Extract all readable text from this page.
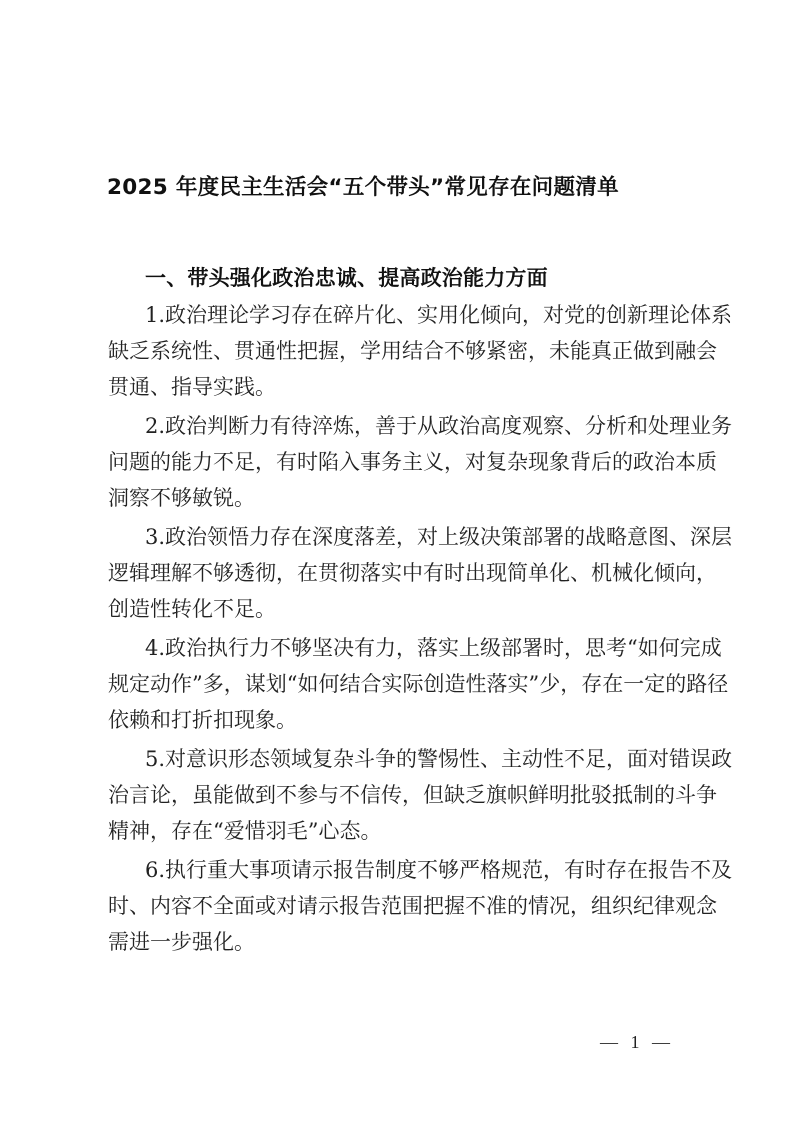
2025 年度民主生活会“五个带头”常见存在问题清单
一、带头强化政治忠诚、提高政治能力方面
1.政治理论学习存在碎片化、实用化倾向，对党的创新理论体系
缺乏系统性、贯通性把握，学用结合不够紧密，未能真正做到融会
贯通、指导实践。
2.政治判断力有待淬炼，善于从政治高度观察、分析和处理业务
问题的能力不足，有时陷入事务主义，对复杂现象背后的政治本质
洞察不够敏锐。
3.政治领悟力存在深度落差，对上级决策部署的战略意图、深层
逻辑理解不够透彻，在贯彻落实中有时出现简单化、机械化倾向，
创造性转化不足。
4.政治执行力不够坚决有力，落实上级部署时，思考“如何完成
规定动作”多，谋划“如何结合实际创造性落实”少，存在一定的路径
依赖和打折扣现象。
5.对意识形态领域复杂斗争的警惕性、主动性不足，面对错误政
治言论，虽能做到不参与不信传，但缺乏旗帜鲜明批驳抵制的斗争
精神，存在“爱惜羽毛”心态。
6.执行重大事项请示报告制度不够严格规范，有时存在报告不及
时、内容不全面或对请示报告范围把握不准的情况，组织纪律观念
需进一步强化。
— 1 —
